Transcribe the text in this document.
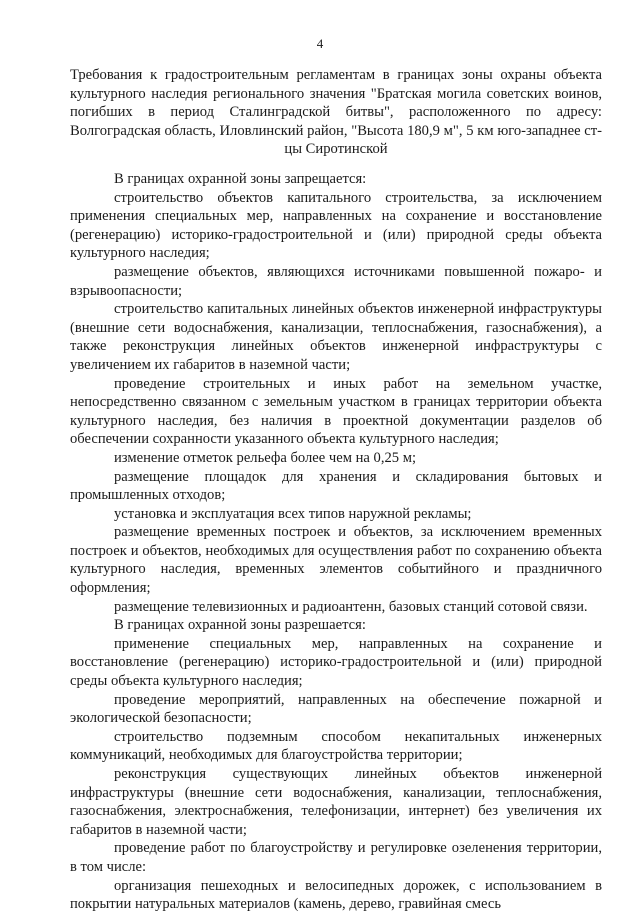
4
Требования к градостроительным регламентам в границах зоны охраны объекта культурного наследия регионального значения "Братская могила советских воинов, погибших в период Сталинградской битвы", расположенного по адресу: Волгоградская область, Иловлинский район, "Высота 180,9 м", 5 км юго-западнее ст-цы Сиротинской

В границах охранной зоны запрещается:

строительство объектов капитального строительства, за исключением применения специальных мер, направленных на сохранение и восстановление (регенерацию) историко-градостроительной и (или) природной среды объекта культурного наследия;

размещение объектов, являющихся источниками повышенной пожаро- и взрывоопасности;

строительство капитальных линейных объектов инженерной инфраструктуры (внешние сети водоснабжения, канализации, теплоснабжения, газоснабжения), а также реконструкция линейных объектов инженерной инфраструктуры с увеличением их габаритов в наземной части;

проведение строительных и иных работ на земельном участке, непосредственно связанном с земельным участком в границах территории объекта культурного наследия, без наличия в проектной документации разделов об обеспечении сохранности указанного объекта культурного наследия;

изменение отметок рельефа более чем на 0,25 м;

размещение площадок для хранения и складирования бытовых и промышленных отходов;

установка и эксплуатация всех типов наружной рекламы;

размещение временных построек и объектов, за исключением временных построек и объектов, необходимых для осуществления работ по сохранению объекта культурного наследия, временных элементов событийного и праздничного оформления;

размещение телевизионных и радиоантенн, базовых станций сотовой связи.

В границах охранной зоны разрешается:

применение специальных мер, направленных на сохранение и восстановление (регенерацию) историко-градостроительной и (или) природной среды объекта культурного наследия;

проведение мероприятий, направленных на обеспечение пожарной и экологической безопасности;

строительство подземным способом некапитальных инженерных коммуникаций, необходимых для благоустройства территории;

реконструкция существующих линейных объектов инженерной инфраструктуры (внешние сети водоснабжения, канализации, теплоснабжения, газоснабжения, электроснабжения, телефонизации, интернет) без увеличения их габаритов в наземной части;

проведение работ по благоустройству и регулировке озеленения территории, в том числе:

организация пешеходных и велосипедных дорожек, с использованием в покрытии натуральных материалов (камень, дерево, гравийная смесь
